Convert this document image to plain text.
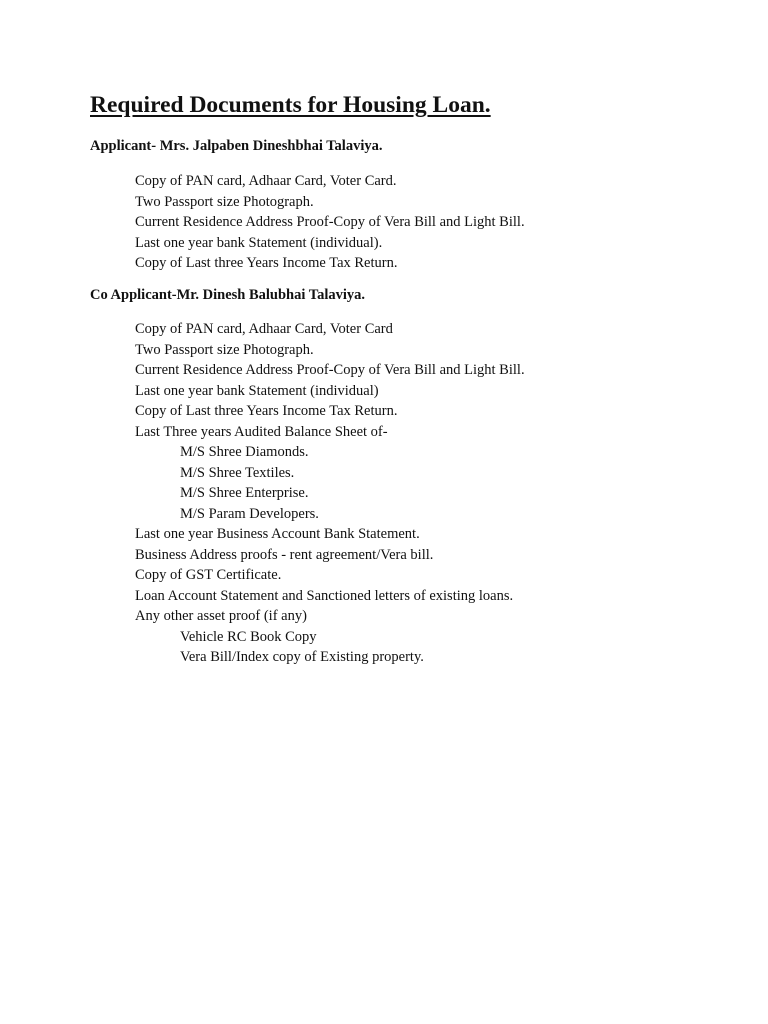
Required Documents for Housing Loan.

Applicant- Mrs. Jalpaben Dineshbhai Talaviya.

Copy of PAN card, Adhaar Card, Voter Card.
Two Passport size Photograph.
Current Residence Address Proof-Copy of Vera Bill and Light Bill.
Last one year bank Statement (individual).
Copy of Last three Years Income Tax Return.

Co Applicant-Mr. Dinesh Balubhai Talaviya.

Copy of PAN card, Adhaar Card, Voter Card
Two Passport size Photograph.
Current Residence Address Proof-Copy of Vera Bill and Light Bill.
Last one year bank Statement (individual)
Copy of Last three Years Income Tax Return.
Last Three years Audited Balance Sheet of-
M/S Shree Diamonds.
M/S Shree Textiles.
M/S Shree Enterprise.
M/S Param Developers.
Last one year Business Account Bank Statement.
Business Address proofs - rent agreement/Vera bill.
Copy of GST Certificate.
Loan Account Statement and Sanctioned letters of existing loans.
Any other asset proof (if any)
Vehicle RC Book Copy
Vera Bill/Index copy of Existing property.
